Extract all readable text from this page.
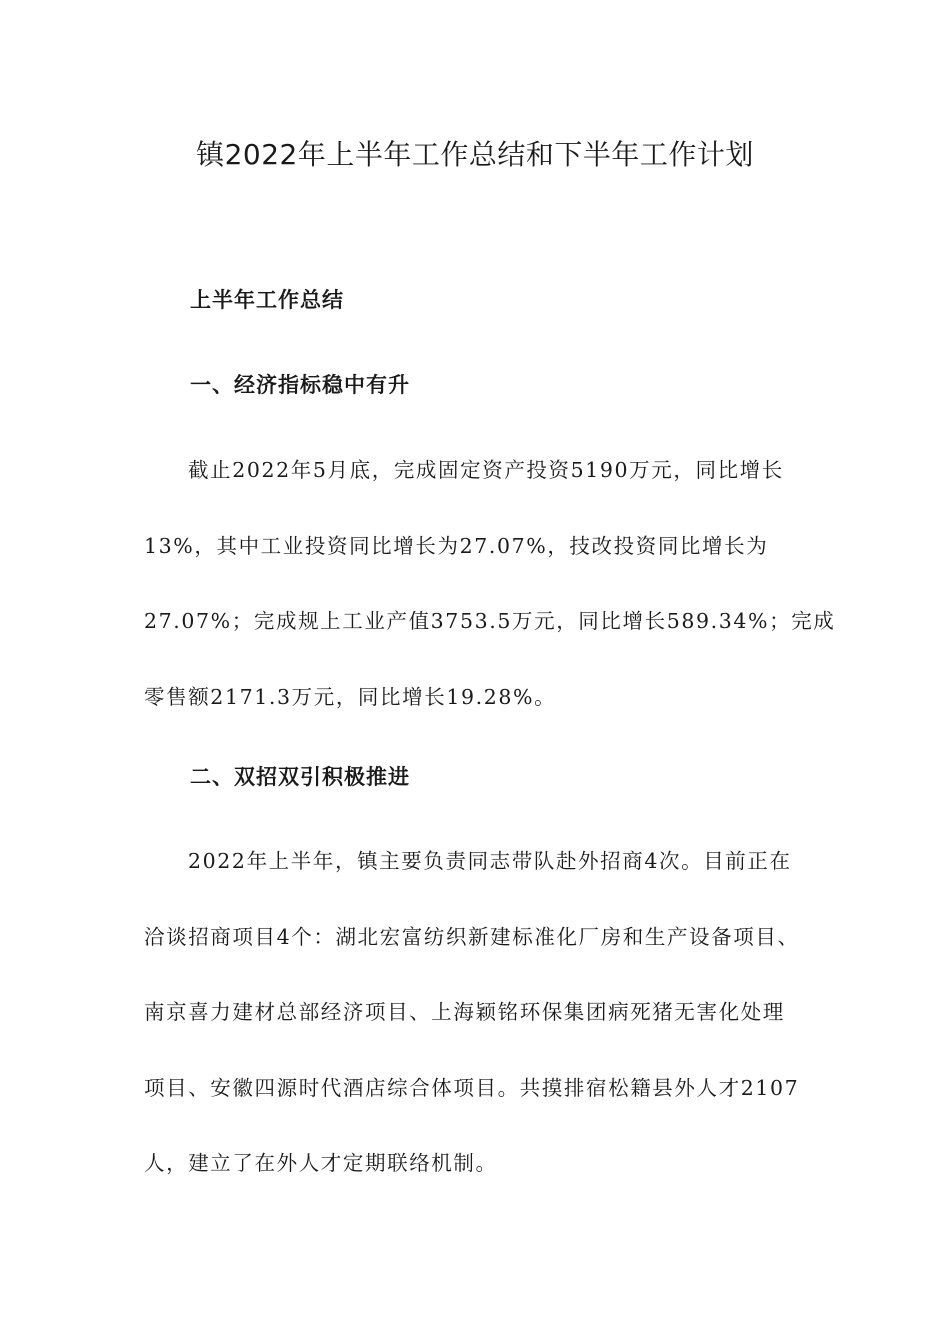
镇2022年上半年工作总结和下半年工作计划
上半年工作总结
一、经济指标稳中有升
截止2022年5月底，完成固定资产投资5190万元，同比增长
13%，其中工业投资同比增长为27.07%，技改投资同比增长为
27.07%；完成规上工业产值3753.5万元，同比增长589.34%；完成
零售额2171.3万元，同比增长19.28%。
二、双招双引积极推进
2022年上半年，镇主要负责同志带队赴外招商4次。目前正在
洽谈招商项目4个：湖北宏富纺织新建标准化厂房和生产设备项目、
南京喜力建材总部经济项目、上海颖铭环保集团病死猪无害化处理
项目、安徽四源时代酒店综合体项目。共摸排宿松籍县外人才2107
人，建立了在外人才定期联络机制。
